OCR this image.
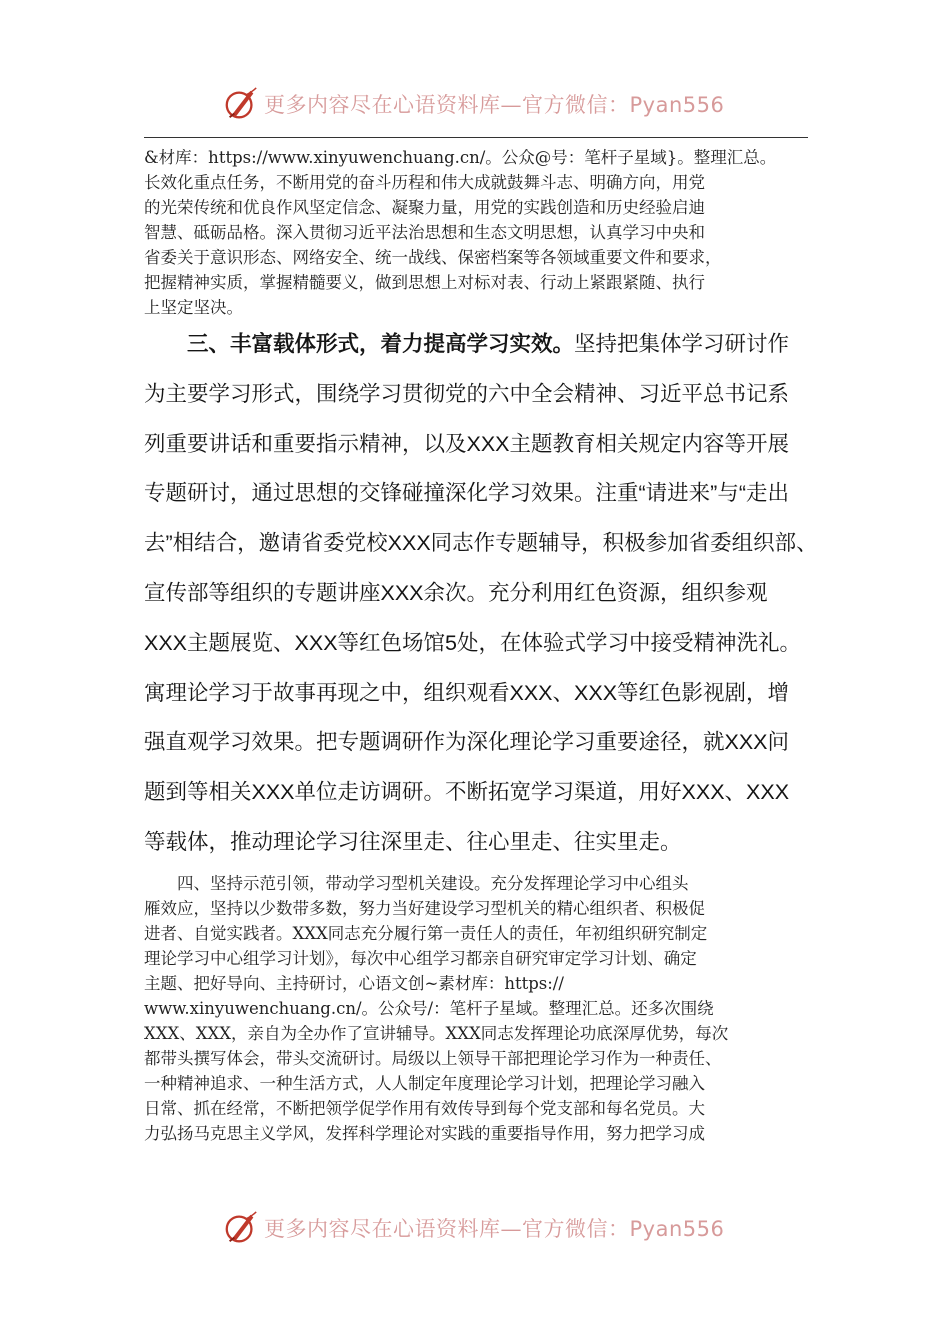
更多内容尽在心语资料库—官方微信：Pyan556

&材库：https://www.xinyuwenchuang.cn/。公众@号：笔杆子星域}。整理汇总。
长效化重点任务，不断用党的奋斗历程和伟大成就鼓舞斗志、明确方向，用党
的光荣传统和优良作风坚定信念、凝聚力量，用党的实践创造和历史经验启迪
智慧、砥砺品格。深入贯彻习近平法治思想和生态文明思想，认真学习中央和
省委关于意识形态、网络安全、统一战线、保密档案等各领域重要文件和要求，
把握精神实质，掌握精髓要义，做到思想上对标对表、行动上紧跟紧随、执行
上坚定坚决。

三、丰富载体形式，着力提高学习实效。坚持把集体学习研讨作
为主要学习形式，围绕学习贯彻党的六中全会精神、习近平总书记系
列重要讲话和重要指示精神，以及XXX主题教育相关规定内容等开展
专题研讨，通过思想的交锋碰撞深化学习效果。注重“请进来”与“走出
去”相结合，邀请省委党校XXX同志作专题辅导，积极参加省委组织部、
宣传部等组织的专题讲座XXX余次。充分利用红色资源，组织参观
XXX主题展览、XXX等红色场馆5处，在体验式学习中接受精神洗礼。
寓理论学习于故事再现之中，组织观看XXX、XXX等红色影视剧，增
强直观学习效果。把专题调研作为深化理论学习重要途径，就XXX问
题到等相关XXX单位走访调研。不断拓宽学习渠道，用好XXX、XXX
等载体，推动理论学习往深里走、往心里走、往实里走。

四、坚持示范引领，带动学习型机关建设。充分发挥理论学习中心组头
雁效应，坚持以少数带多数，努力当好建设学习型机关的精心组织者、积极促
进者、自觉实践者。XXX同志充分履行第一责任人的责任，年初组织研究制定
理论学习中心组学习计划》，每次中心组学习都亲自研究审定学习计划、确定
主题、把好导向、主持研讨，心语文创~素材库：https://
www.xinyuwenchuang.cn/。公众号/：笔杆子星域。整理汇总。还多次围绕
XXX、XXX，亲自为全办作了宣讲辅导。XXX同志发挥理论功底深厚优势，每次
都带头撰写体会，带头交流研讨。局级以上领导干部把理论学习作为一种责任、
一种精神追求、一种生活方式，人人制定年度理论学习计划，把理论学习融入
日常、抓在经常，不断把领学促学作用有效传导到每个党支部和每名党员。大
力弘扬马克思主义学风，发挥科学理论对实践的重要指导作用，努力把学习成

更多内容尽在心语资料库—官方微信：Pyan556
